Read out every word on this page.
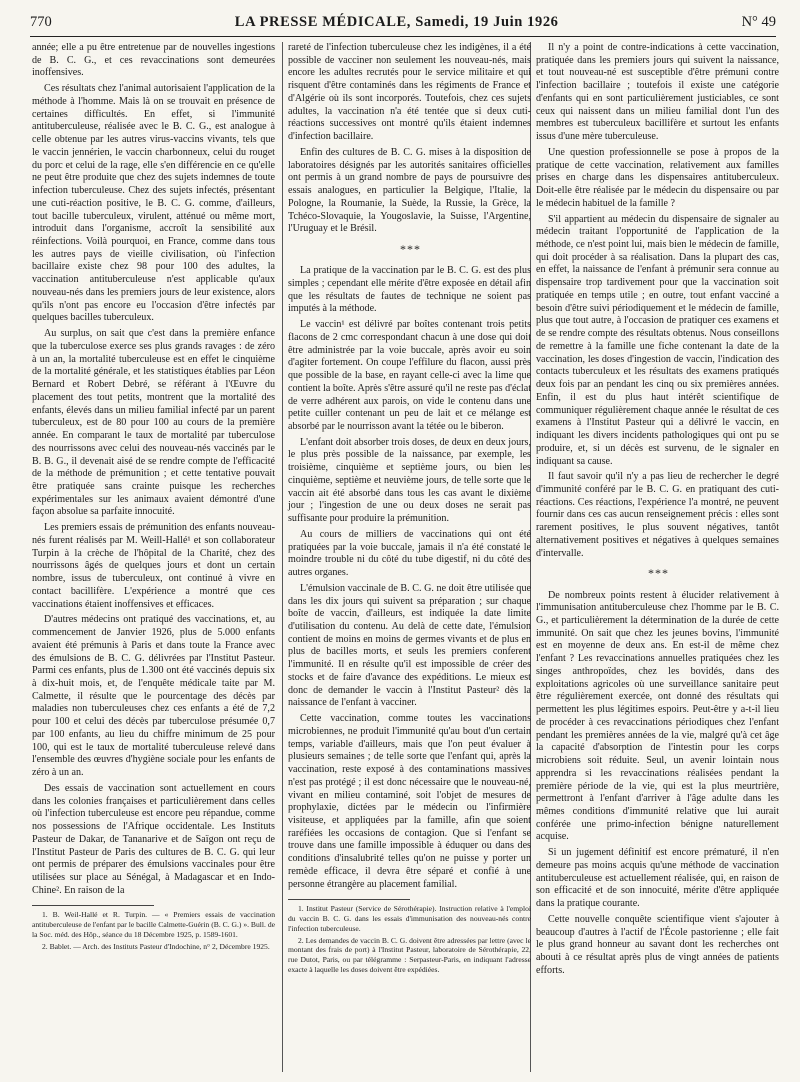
770	LA PRESSE MÉDICALE, Samedi, 19 Juin 1926	N° 49

année; elle a pu être entretenue par de nouvelles ingestions de B. C. G., et ces revaccinations sont demeurées inoffensives.

Ces résultats chez l'animal autorisaient l'application de la méthode à l'homme. Mais là on se trouvait en présence de certaines difficultés. En effet, si l'immunité antituberculeuse, réalisée avec le B. C. G., est analogue à celle obtenue par les autres virus-vaccins vivants, tels que le vaccin jennérien, le vaccin charbonneux, celui du rouget du porc et celui de la rage, elle s'en différencie en ce qu'elle ne peut être produite que chez des sujets indemnes de toute infection tuberculeuse. Chez des sujets infectés, présentant une cuti-réaction positive, le B. C. G. comme, d'ailleurs, tout bacille tuberculeux, virulent, atténué ou même mort, introduit dans l'organisme, accroît la sensibilité aux réinfections. Voilà pourquoi, en France, comme dans tous les autres pays de vieille civilisation, où l'infection bacillaire existe chez 98 pour 100 des adultes, la vaccination antituberculeuse n'est applicable qu'aux nouveau-nés dans les premiers jours de leur existence, alors qu'ils n'ont pas encore eu l'occasion d'être infectés par quelques bacilles tuberculeux.

Au surplus, on sait que c'est dans la première enfance que la tuberculose exerce ses plus grands ravages : de zéro à un an, la mortalité tuberculeuse est en effet le cinquième de la mortalité générale, et les statistiques établies par Léon Bernard et Robert Debré, se référant à l'Œuvre du placement des tout petits, montrent que la mortalité des enfants, élevés dans un milieu familial infecté par un parent tuberculeux, est de 80 pour 100 au cours de la première année. En comparant le taux de mortalité par tuberculose des nourrissons avec celui des nouveau-nés vaccinés par le B. B. G., il devenait aisé de se rendre compte de l'efficacité de la méthode de prémunition ; et cette tentative pouvait être pratiquée sans crainte puisque les recherches expérimentales sur les animaux avaient démontré d'une façon absolue sa parfaite innocuité.

Les premiers essais de prémunition des enfants nouveau-nés furent réalisés par M. Weill-Hallé¹ et son collaborateur Turpin à la crèche de l'hôpital de la Charité, chez des nourrissons âgés de quelques jours et dont un certain nombre, issus de tuberculeux, ont continué à vivre en contact bacillifère. L'expérience a montré que ces vaccinations étaient inoffensives et efficaces.

D'autres médecins ont pratiqué des vaccinations, et, au commencement de Janvier 1926, plus de 5.000 enfants avaient été prémunis à Paris et dans toute la France avec des émulsions de B. C. G. délivrées par l'Institut Pasteur. Parmi ces enfants, plus de 1.300 ont été vaccinés depuis six à dix-huit mois, et, de l'enquête médicale taite par M. Calmette, il résulte que le pourcentage des décès par maladies non tuberculeuses chez ces enfants a été de 7,2 pour 100 et celui des décès par tuberculose présumée 0,7 par 100 enfants, au lieu du chiffre minimum de 25 pour 100, qui est le taux de mortalité tuberculeuse relevé dans l'ensemble des œuvres d'hygiène sociale pour les enfants de zéro à un an.

Des essais de vaccination sont actuellement en cours dans les colonies françaises et particulièrement dans celles où l'infection tuberculeuse est encore peu répandue, comme nos possessions de l'Afrique occidentale. Les Instituts Pasteur de Dakar, de Tananarive et de Saïgon ont reçu de l'Institut Pasteur de Paris des cultures de B. C. G. qui leur ont permis de préparer des émulsions vaccinales pour être utilisées sur place au Sénégal, à Madagascar et en Indo-Chine². En raison de la

1. B. Weil-Hallé et R. Turpin. — « Premiers essais de vaccination antituberculeuse de l'enfant par le bacille Calmette-Guérin (B. C. G.) ». Bull. de la Soc. méd. des Hôp., séance du 18 Décembre 1925, p. 1589-1601.

2. Bablet. — Arch. des Instituts Pasteur d'Indochine, n° 2, Décembre 1925.

rareté de l'infection tuberculeuse chez les indigènes, il a été possible de vacciner non seulement les nouveau-nés, mais encore les adultes recrutés pour le service militaire et qui risquent d'être contaminés dans les régiments de France et d'Algérie où ils sont incorporés. Toutefois, chez ces sujets adultes, la vaccination n'a été tentée que si deux cuti-réactions successives ont montré qu'ils étaient indemnes d'infection bacillaire.

Enfin des cultures de B. C. G. mises à la disposition de laboratoires désignés par les autorités sanitaires officielles ont permis à un grand nombre de pays de poursuivre des essais analogues, en particulier la Belgique, l'Italie, la Pologne, la Roumanie, la Suède, la Russie, la Grèce, la Tchéco-Slovaquie, la Yougoslavie, la Suisse, l'Argentine, l'Uruguay et le Brésil.

* * *

La pratique de la vaccination par le B. C. G. est des plus simples ; cependant elle mérite d'être exposée en détail afin que les résultats de fautes de technique ne soient pas imputés à la méthode.

Le vaccin¹ est délivré par boîtes contenant trois petits flacons de 2 cmc correspondant chacun à une dose qui doit être administrée par la voie buccale, après avoir eu soin d'agiter fortement. On coupe l'effilure du flacon, aussi près que possible de la base, en rayant celle-ci avec la lime que contient la boîte. Après s'être assuré qu'il ne reste pas d'éclat de verre adhérent aux parois, on vide le contenu dans une petite cuiller contenant un peu de lait et ce mélange est absorbé par le nourrisson avant la tétée ou le biberon.

L'enfant doit absorber trois doses, de deux en deux jours, le plus près possible de la naissance, par exemple, les troisième, cinquième et septième jours, ou bien les cinquième, septième et neuvième jours, de telle sorte que le vaccin ait été absorbé dans tous les cas avant le dixième jour ; l'ingestion de une ou deux doses ne serait pas suffisante pour produire la prémunition.

Au cours de milliers de vaccinations qui ont été pratiquées par la voie buccale, jamais il n'a été constaté le moindre trouble ni du côté du tube digestif, ni du côté des autres organes.

L'émulsion vaccinale de B. C. G. ne doit être utilisée que dans les dix jours qui suivent sa préparation ; sur chaque boîte de vaccin, d'ailleurs, est indiquée la date limite d'utilisation du contenu. Au delà de cette date, l'émulsion contient de moins en moins de germes vivants et de plus en plus de bacilles morts, et seuls les premiers conferent l'immunité. Il en résulte qu'il est impossible de créer des stocks et de faire d'avance des expéditions. Le mieux est donc de demander le vaccin à l'Institut Pasteur² dès la naissance de l'enfant à vacciner.

Cette vaccination, comme toutes les vaccinations microbiennes, ne produit l'immunité qu'au bout d'un certain temps, variable d'ailleurs, mais que l'on peut évaluer à plusieurs semaines ; de telle sorte que l'enfant qui, après la vaccination, reste exposé à des contaminations massives n'est pas protégé ; il est donc nécessaire que le nouveau-né, vivant en milieu contaminé, soit l'objet de mesures de prophylaxie, dictées par le médecin ou l'infirmière visiteuse, et appliquées par la famille, afin que soient raréfiées les occasions de contagion. Que si l'enfant se trouve dans une famille impossible à éduquer ou dans des conditions d'insalubrité telles qu'on ne puisse y porter un remède efficace, il devra être séparé et confié à une personne étrangère au placement familial.

1. Institut Pasteur (Service de Sérothérapie). Instruction relative à l'emploi du vaccin B. C. G. dans les essais d'immunisation des nouveau-nés contre l'infection tuberculeuse.

2. Les demandes de vaccin B. C. G. doivent être adressées par lettre (avec le montant des frais de port) à l'Institut Pasteur, laboratoire de Sérothérapie, 22, rue Dutot, Paris, ou par télégramme : Serpasteur-Paris, en indiquant l'adresse exacte à laquelle les doses doivent être expédiées.

Il n'y a point de contre-indications à cette vaccination, pratiquée dans les premiers jours qui suivent la naissance, et tout nouveau-né est susceptible d'être prémuni contre l'infection bacillaire ; toutefois il existe une catégorie d'enfants qui en sont particulièrement justiciables, ce sont ceux qui naissent dans un milieu familial dont l'un des membres est tuberculeux bacillifère et surtout les enfants issus d'une mère tuberculeuse.

Une question professionnelle se pose à propos de la pratique de cette vaccination, relativement aux familles prises en charge dans les dispensaires antituberculeux. Doit-elle être réalisée par le médecin du dispensaire ou par le médecin habituel de la famille ?

S'il appartient au médecin du dispensaire de signaler au médecin traitant l'opportunité de l'application de la méthode, ce n'est point lui, mais bien le médecin de famille, qui doit procéder à sa réalisation. Dans la plupart des cas, en effet, la naissance de l'enfant à prémunir sera connue au dispensaire trop tardivement pour que la vaccination soit pratiquée en temps utile ; en outre, tout enfant vacciné a besoin d'être suivi périodiquement et le médecin de famille, plus que tout autre, à l'occasion de pratiquer ces examens et de se rendre compte des résultats obtenus. Nous conseillons de remettre à la famille une fiche contenant la date de la vaccination, les doses d'ingestion de vaccin, l'indication des contacts tuberculeux et les résultats des examens pratiqués deux fois par an pendant les cinq ou six premières années. Enfin, il est du plus haut intérêt scientifique de communiquer régulièrement chaque année le résultat de ces examens à l'Institut Pasteur qui a délivré le vaccin, en indiquant les divers incidents pathologiques qui ont pu se produire, et, si un décès est survenu, de le signaler en indiquant sa cause.

Il faut savoir qu'il n'y a pas lieu de rechercher le degré d'immunité conféré par le B. C. G. en pratiquant des cuti-réactions. Ces réactions, l'expérience l'a montré, ne peuvent fournir dans ces cas aucun renseignement précis : elles sont rarement positives, le plus souvent négatives, tantôt alternativement positives et négatives à quelques semaines d'intervalle.

* * *

De nombreux points restent à élucider relativement à l'immunisation antituberculeuse chez l'homme par le B. C. G., et particulièrement la détermination de la durée de cette immunité. On sait que chez les jeunes bovins, l'immunité est en moyenne de deux ans. En est-il de même chez l'enfant ? Les revaccinations annuelles pratiquées chez les singes anthropoïdes, chez les bovidés, dans des exploitations agricoles où une surveillance sanitaire peut être régulièrement exercée, ont donné des résultats qui permettent les plus légitimes espoirs. Peut-être y a-t-il lieu de procéder à ces revaccinations périodiques chez l'enfant pendant les premières années de la vie, malgré qu'à cet âge la capacité d'absorption de l'intestin pour les corps microbiens soit réduite. Seul, un avenir lointain nous apprendra si les revaccinations réalisées pendant la première période de la vie, qui est la plus meurtrière, permettront à l'enfant d'arriver à l'âge adulte dans les mêmes conditions d'immunité relative que lui aurait conférée une primo-infection bénigne naturellement acquise.

Si un jugement définitif est encore prématuré, il n'en demeure pas moins acquis qu'une méthode de vaccination antituberculeuse est actuellement réalisée, qui, en raison de son efficacité et de son innocuité, mérite d'être appliquée dans la pratique courante.

Cette nouvelle conquête scientifique vient s'ajouter à beaucoup d'autres à l'actif de l'École pastorienne ; elle fait le plus grand honneur au savant dont les recherches ont abouti à ce résultat après plus de vingt années de patients efforts.
